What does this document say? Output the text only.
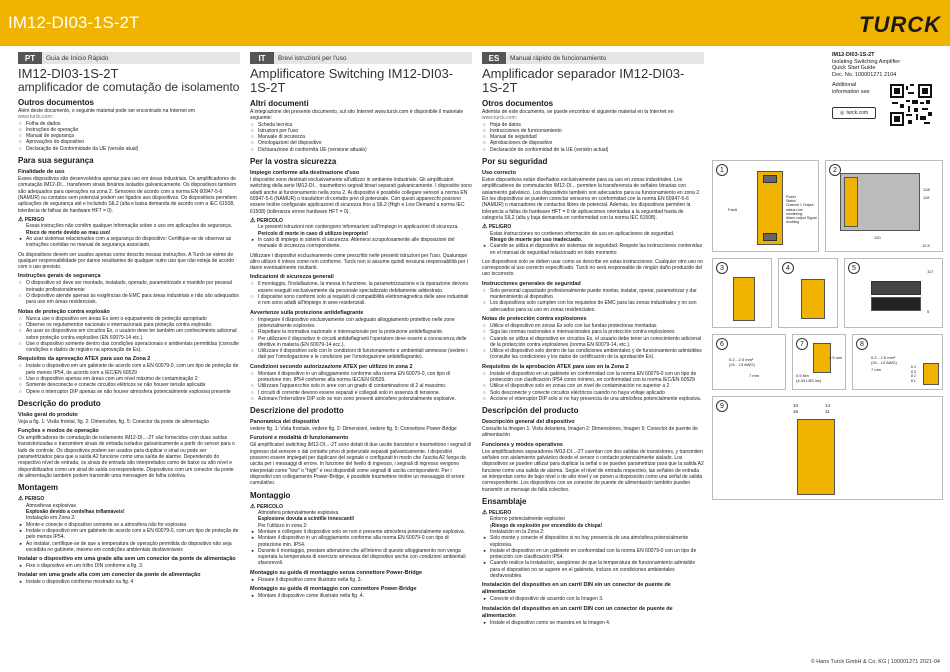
IM12-DI03-1S-2T	TURCK
PT	Guia de Início Rápido
IM12-DI03-1S-2T
amplificador de comutação de isolamento
Outros documentos

Além deste documento, o seguinte material pode ser encontrado na Internet em

www.turck.com:

○ Folha de dados
○ Instruções de operação
○ Manual de segurança
○ Aprovações do dispositivo
○ Declaração de Conformidade da UE (versão atual)
Para sua segurança
Finalidade de uso

Esses dispositivos são desenvolvidos apenas para uso em áreas industriais. Os amplificadores de comutação IM12-DI... transferem sinais binários isolados galvanicamente. Os dispositivos também são adequados para operações na zona 2. Sensores de acordo com a norma EN 60947-5-6 (NAMUR) ou contatos sem potencial podem ser ligados aos dispositivos. Os dispositivos permitem aplicações de segurança até e incluindo SIL2 (alta e baixa demanda de acordo com a IEC 61508, tolerância de falhas de hardware HFT = 0).

⚠ PERIGO

Essas instruções não contêm qualquer informação sobre o uso em aplicações de segurança.

Risco de morte devido ao mau uso!

► Ao usar sistemas relacionados com a segurança do dispositivo: Certifique-se de observar as instruções contidas no manual de segurança associado.

Os dispositivos devem ser usados apenas como descrito nessas instruções. A Turck se exime de qualquer responsabilidade por danos resultantes de qualquer outro uso que não esteja de acordo com o uso previsto.

Instruções gerais de segurança
○ O dispositivo só deve ser montado, instalado, operado, parametrizado e mantido por pessoal treinado profissionalmente
○ O dispositivo atende apenas às exigências de EMC para áreas industriais e não são adequados para uso em áreas residenciais.
Notas de proteção contra explosão
○ Nunca use o dispositivo em áreas Ex sem o equipamento de proteção apropriado
○ Observe os regulamentos nacionais e internacionais para proteção contra explosão.
○ Ao usar os dispositivos em circuitos Ex, o usuário deve ter também um conhecimento adicional sobre proteção contra explosões (EN 60079-14 etc.).
○ Use o dispositivo somente dentro das condições operacionais e ambientais permitidas (consulte condições e dados de registro na aprovação de Ex).
Requisitos da aprovação ATEX para uso na Zona 2
○ Instale o dispositivo em um gabinete de acordo com a EN 60079-0, com um tipo de proteção de pelo menos IP54, de acordo com a IEC/EN 60529
○ Use o dispositivo apenas em áreas com um nível máximo de contaminação 2
○ Somente desconecte e conecte circuitos elétricos se não houver tensão aplicada
○ Opere o interruptor DIP apenas se não houver atmosfera potencialmente explosiva presente
Descrição do produto
Visão geral do produto

Veja a fig. 1: Visão frontal, fig. 2: Dimensões, fig. 5: Conector da ponte de alimentação

Funções e modos de operação

Os amplificadores de comutação de isolamento IM12-DI...-2T são fornecidos com duas saídas transistorizadas e transmitem sinais de entrada isolados galvanicamente a partir do sensor para o lado de controle. Os dispositivos podem ser usados para duplicar o sinal ou pode ser parametrizados para que a saída A2 funcione como uma saída de alarme. Dependendo do respectivo nível de entrada, os sinais de entrada são interpretados como de baixo ou alto nível e disponibilizados como um sinal de saída correspondente. Dispositivos com um conector da ponte de alimentação também podem transmitir uma mensagem de falha coletiva.

Montagem
⚠ PERIGO

Atmosferas explosivas

Explosão devido a centelhas inflamáveis!

Instalação em Zona 2:

► Monte e conecte o dispositivo somente se a atmosfera não for explosiva
► Instale o dispositivo em um gabinete de acordo com a EN 60079-0, com um tipo de proteção de pelo menos IP54.
► Ao instalar, certifique-se de que a temperatura de operação permitida do dispositivo não seja excedida no gabinete, mesmo em condições ambientais desfavoráveis
Instalar o dispositivo em uma grade alta sem um conector da ponte de alimentação
► Fixe o dispositivo em um trilho DIN conforme a fig. 3.
Instalar em uma grade alta com um conector da ponte de alimentação
► Instale o dispositivo conforme mostrado na fig. 4
IT	Brevi istruzioni per l'uso
Amplificatore Switching IM12-DI03-1S-2T
Altri documenti

A integrazione del presente documento, sul sito Internet www.turck.com è disponibile il materiale seguente:

○ Scheda tecnica
○ Istruzioni per l'uso
○ Manuale di sicurezza
○ Omologazioni del dispositivo
○ Dichiarazione di conformità UE (versione attuale)
Per la vostra sicurezza
Impiego conforme alla destinazione d'uso

I dispositivi sono destinati esclusivamente all'utilizzo in ambiente industriale. Gli amplificatori switching della serie IM12-DI... trasmettono segnali binari separati galvanicamente. I dispositivi sono adatti anche al funzionamento nella zona 2. Ai dispositivi è possibile collegare sensori a norma EN 60947-5-6 (NAMUR) o trasduttori di contatto privi di potenziale. Con questi apparecchi possono essere inoltre configurate applicazioni di sicurezza fino a SIL2 (High e Low Demand a norma IEC 61508) (tolleranza errore hardware HFT = 0).

⚠ PERICOLO

Le presenti istruzioni non contengono informazioni sull'impiego in applicazioni di sicurezza.

Pericolo di morte in caso di utilizzo improprio!

► In caso di impiego in sistemi di sicurezza: Attenersi scrupolosamente alle disposizioni del manuale di sicurezza corrispondente.

Utilizzare i dispositivi esclusivamente come prescritto nelle presenti istruzioni per l'uso. Qualunque altro utilizzo è inteso come non conforme. Turck non si assume quindi nessuna responsabilità per i danni eventualmente risultanti.

Indicazioni di sicurezza generali
○ Il montaggio, l'installazione, la messa in funzione, la parametrizzazione e la riparazione devono essere eseguiti esclusivamente da personale specializzato debitamente addestrato.
○ I dispositivi sono conformi solo ai requisiti di compatibilità elettromagnetica delle aree industriali e non sono adatti all'impiego in aree residenziali.
Avvertenze sulla protezione antideflagrante
○ Impiegare il dispositivo esclusivamente con adeguato alloggiamento protettivo nelle zone potenzialmente esplosive.
○ Rispettare la normativa nazionale e internazionale per la protezione antideflagrante.
○ Per utilizzare il dispositivo in circuiti antideflagranti l'operatore deve essere a conoscenza delle direttive in materia (EN 60079-14 ecc.).
○ Utilizzare il dispositivo solo con le condizioni di funzionamento e ambientali ammesse (vedere i dati per l'omologazione e le condizioni per l'omologazione antideflagrante).
Condizioni secondo autorizzazione ATEX per utilizzo in zona 2
○ Montare il dispositivo in un alloggiamento conforme alla norma EN 60079-0, con tipo di protezione min. IP54 conforme alla norma IEC/EN 60529.
○ Utilizzare l'apparecchio solo in aree con un grado di contaminazione di 2 al massimo.
○ I circuiti di corrente devono essere separati e collegati solo in assenza di tensione.
○ Azionare l'interruttore DIP solo se non sono presenti atmosfere potenzialmente esplosive.
Descrizione del prodotto
Panoramica dei dispositivi

vedere fig. 1: Vista frontale, vedere fig. 2: Dimensioni, vedere fig. 5: Connettore Power-Bridge

Funzioni e modalità di funzionamento

Gli amplificatori switching IM12-DI...-2T sono dotati di due uscite transistor e trasmettono i segnali di ingresso dal sensore o dal contatto privo di potenziale separati galvanicamente. I dispositivi possono essere impiegati per duplicare del segnale o configurati in modo che l'uscita A2 funga da uscita per i messaggi di errore. In funzione del livello di ingresso, i segnali di ingresso vengono interpretati come "low" o "high" e resi disponibili come segnali di uscita corrispondenti. Per i dispositivi con collegamento Power-Bridge, è possibile trasmettere inoltre un messaggio di errore cumulativo.

Montaggio
⚠ PERICOLO

Atmosfera potenzialmente esplosiva

Esplosione dovuta a scintille innescanti!

Per l'utilizzo in zona 2:

► Montare e collegare il dispositivo solo se non è presente atmosfera potenzialmente esplosiva.
► Montare il dispositivo in un alloggiamento conforme alla norma EN 60079-0 con tipo di protezione min. IP54.
► Durante il montaggio, prestare attenzione che all'interno di questo alloggiamento non venga superata la temperatura di esercizio ammessa del dispositivo anche con condizioni ambientali sfavorevoli.
Montaggio su guida di montaggio senza connettore Power-Bridge
► Fissare il dispositivo come illustrato nella fig. 3.
Montaggio su guida di montaggio con connettore Power-Bridge
► Montare il dispositivo come illustrato nella fig. 4.
ES	Manual rápido de funcionamiento
Amplificador separador IM12-DI03-1S-2T
Otros documentos

Además de este documento, se puede encontrar el siguiente material en la Internet en

www.turck.com:

○ Hoja de datos
○ Instrucciones de funcionamiento
○ Manual de seguridad
○ Aprobaciones de dispositivo
○ Declaración de conformidad de la UE (versión actual)
Por su seguridad
Uso correcto

Estos dispositivos están diseñados exclusivamente para su uso en zonas industriales. Los amplificadores de commutación IM12-DI... permiten la transferencia de señales binarias con aislamiento galvánico. Los dispositivos también son adecuados para su funcionamiento en zona 2. En los dispositivos se pueden conectar sensores en conformidad con la norma EN 60947-5-6 (NAMUR) o marcadores de contactos libres de potencial. Además, los dispositivos permiten la tolerancia a fallas de hardware HFT = 0 de aplicaciones orientadas a la seguridad hasta de categoría SIL2 (alta y baja demanda en conformidad con la norma IEC 61508).

⚠ PELIGRO

Estas instrucciones no contienen información de uso en aplicaciones de seguridad.

Riesgo de muerte por uso inadecuado.

► Cuando se utiliza el dispositivo en sistemas de seguridad: Respete las instrucciones contenidas en el manual de seguridad relacionado en todo momento

Los dispositivos solo se deben usar como se describe en estas instrucciones. Cualquier otro uso no corresponde al uso correcto especificado. Turck no será responsable de ningún daño producido del uso incorrecto.

Instrucciones generales de seguridad
○ Solo personal capacitado profesionalmente puede montar, instalar, operar, parametrizar y dar mantenimiento al dispositivo.
○ Los dispositivos solo cumplen con los requisitos de EMC para las zonas industriales y no son adecuados para su uso en zonas residenciales.
Notas de protección contra explosiones
○ Utilice el dispositivo en zonas Ex solo con las fundas protectoras montadas
○ Siga las normas nacionales e internacionales para la protección contra explosiones
○ Cuando se utiliza el dispositivo en circuitos Ex, el usuario debe tener un conocimiento adicional de la protección contra explosiones (norma EN 60079-14, etc.).
○ Utilice el dispositivo solo dentro de las condiciones ambientales y de funcionamiento admisibles (consulte las condiciones y los datos de certificación de la aprobación Ex).
Requisitos de la aprobación ATEX para uso en la Zona 2
○ Instale el dispositivo en un gabinete en conformidad con la norma EN 60079-0 con un tipo de protección con clasificación IP54 como mínimo, en conformidad con la norma IEC/EN 60529
○ Utilice el dispositivo solo en zonas con un nivel de contaminación no superior a 2
○ Solo desconecte y conecte circuitos eléctricos cuando no haya voltaje aplicado
○ Accione el interruptor DIP solo si no hay presencia de una atmósfera potencialmente explosiva.
Descripción del producto
Descripción general del dispositivo

Consulte la Imagen 1: Vista delantera, Imagen 2: Dimensiones, Imagen 5: Conector de puente de alimentación

Funciones y modos operativos

Los amplificadores separadores IM12-DI...-2T cuentan con dos salidas de transistores, y transmiten señales con aislamiento galvánico desde el sensor o contacto potencialmente aislado. Los dispositivos se pueden utilizar para duplicar la señal o se pueden parametrizar para que la salida A2 funcione como una salida de alarma. Según el nivel de entrada respectivo, las señales de entrada se interpretan como de bajo nivel o de alto nivel y se ponen a disposición como una señal de salida correspondiente. Los dispositivos con un conector de puente de alimentación también pueden transmitir un mensaje de falla colectivo.

Ensamblaje
⚠ PELIGRO

Entorno potencialmente explosivo

¡Riesgo de explosión por encendido de chispa!

Instalación en la Zona 2:

► Solo monte y conecte el dispositivo si no hay presencia de una atmósfera potencialmente explosiva.
► Instale el dispositivo en un gabinete en conformidad con la norma EN 60079-0 con un tipo de protección con clasificación IP54.
► Cuando realice la instalación, asegúrese de que la temperatura de funcionamiento admisible para el dispositivo no se supere en el gabinete, incluso en condiciones ambientales desfavorables.
Instalación del dispositivo en un carril DIN sin un conector de puente de alimentación
► Conecte el dispositivo de acuerdo con la Imagen 3.
Instalación del dispositivo en un carril DIN con un conector de puente de alimentación
► Instale el dispositivo como se muestra en la Imagen 4.

IM12-DI03-1S-2T

Isolating Switching Amplifier

Quick Start Guide

Doc. No. 100001271 2104

Additional

information see

◎ turck.com
1
Fault
Power
Status
Channel 1 Output status Line monitoring
Alarm output Signal doubling
2
128
118
120
12.5
3	4	5	117
5
6
0.2…2.5 mm²
(24…13 AWG)
7 mm
7
0.5 Nm
(4.43 LBS inc)
3.5 mm
8
0.2…2.5 mm²
(24…13 AWG)
7 mm	8 4
8 3
8 2
8 1
9	10
16
14
11
© Hans Turck GmbH & Co. KG | 100001271 2021-04
